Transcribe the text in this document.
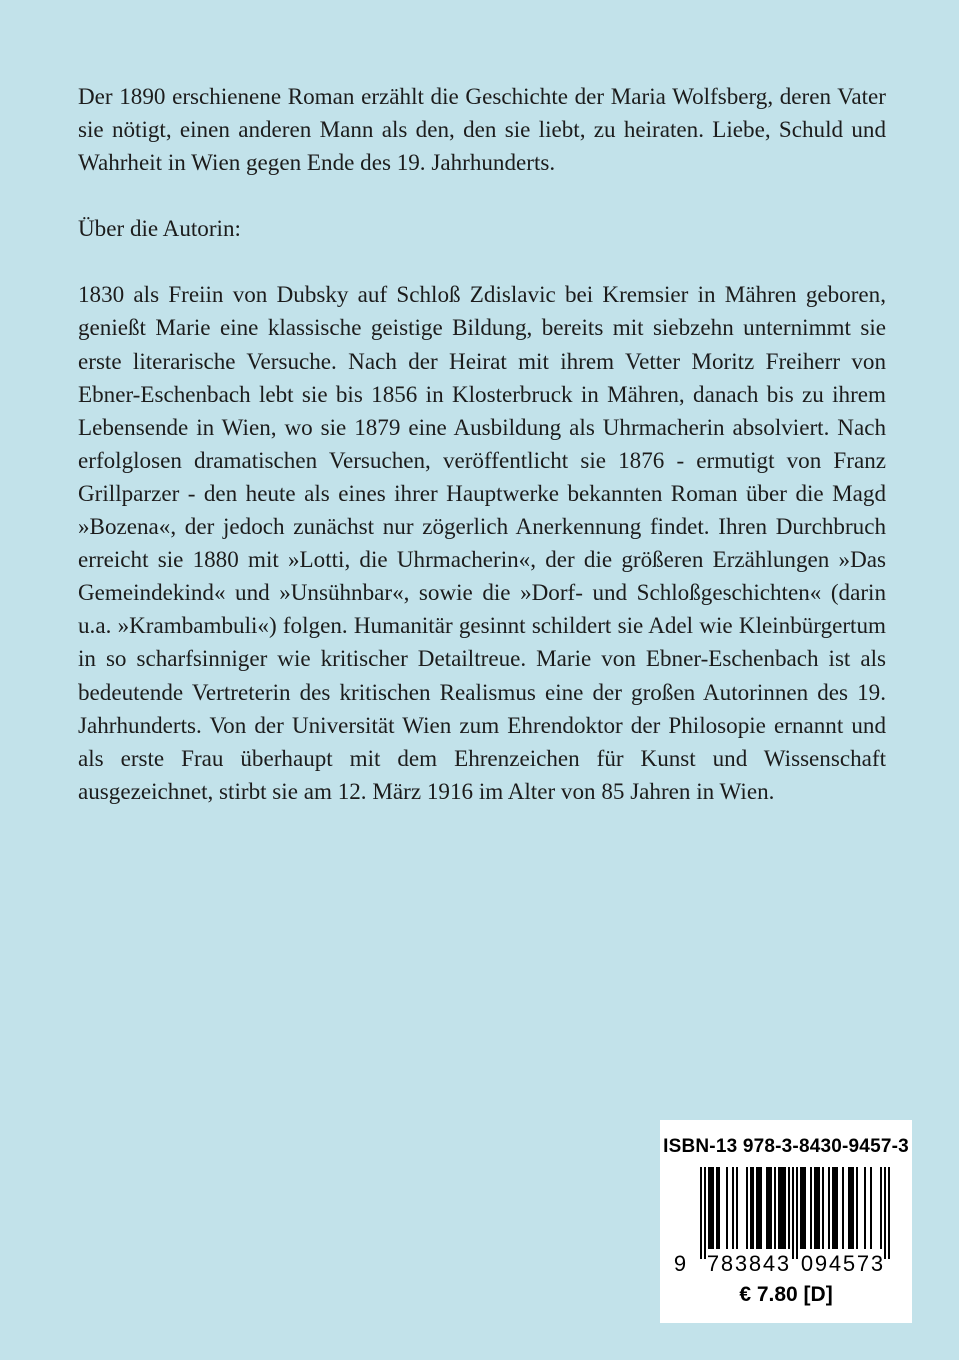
Der 1890 erschienene Roman erzählt die Geschichte der Maria Wolfsberg, deren Vater sie nötigt, einen anderen Mann als den, den sie liebt, zu heiraten. Liebe, Schuld und Wahrheit in Wien gegen Ende des 19. Jahrhunderts.

Über die Autorin:

1830 als Freiin von Dubsky auf Schloß Zdislavic bei Kremsier in Mähren geboren, genießt Marie eine klassische geistige Bildung, bereits mit siebzehn unternimmt sie erste literarische Versuche. Nach der Heirat mit ihrem Vetter Moritz Freiherr von Ebner-Eschenbach lebt sie bis 1856 in Klosterbruck in Mähren, danach bis zu ihrem Lebensende in Wien, wo sie 1879 eine Ausbildung als Uhrmacherin absolviert. Nach erfolglosen dramatischen Versuchen, veröffentlicht sie 1876 - ermutigt von Franz Grillparzer - den heute als eines ihrer Hauptwerke bekannten Roman über die Magd »Bozena«, der jedoch zunächst nur zögerlich Anerkennung findet. Ihren Durchbruch erreicht sie 1880 mit »Lotti, die Uhrmacherin«, der die größeren Erzählungen »Das Gemeindekind« und »Unsühnbar«, sowie die »Dorf- und Schloßgeschichten« (darin u.a. »Krambambuli«) folgen. Humanitär gesinnt schildert sie Adel wie Kleinbürgertum in so scharfsinniger wie kritischer Detailtreue. Marie von Ebner-Eschenbach ist als bedeutende Vertreterin des kritischen Realismus eine der großen Autorinnen des 19. Jahrhunderts. Von der Universität Wien zum Ehrendoktor der Philosopie ernannt und als erste Frau überhaupt mit dem Ehrenzeichen für Kunst und Wissenschaft ausgezeichnet, stirbt sie am 12. März 1916 im Alter von 85 Jahren in Wien.

ISBN-13 978-3-8430-9457-3
9 7	0
8	9
3	4
8	5
4	7
3	3
€ 7.80 [D]
